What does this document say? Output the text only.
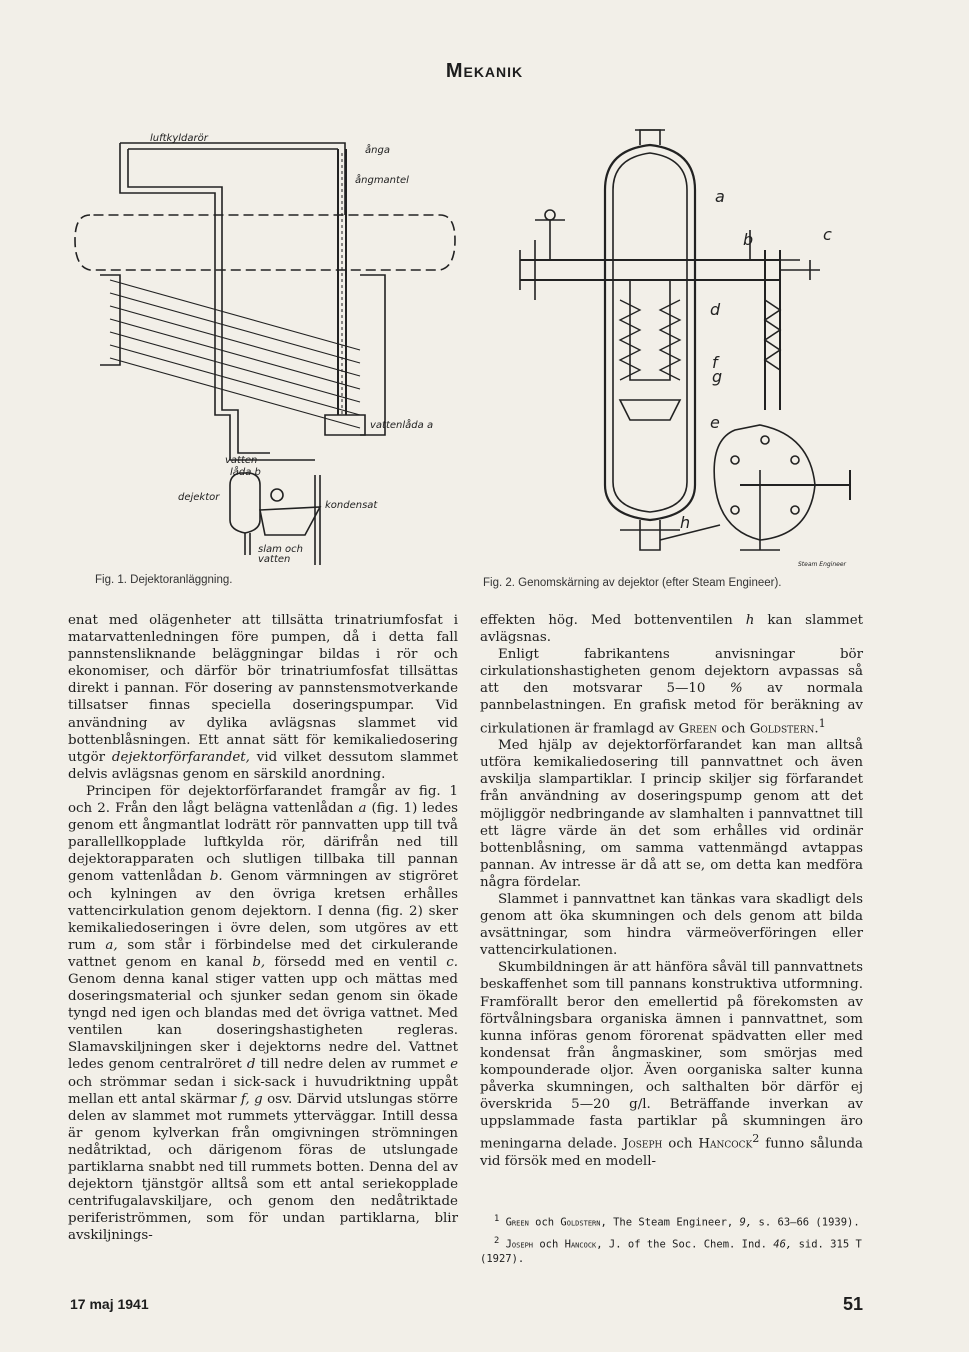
Mekanik
luftkyldarör
ånga
ångmantel
vattenlåda a
vatten-
låda b
dejektor
kondensat
slam och
vatten
Fig. 1. Dejektoranläggning.
a
b	c
d
f
g
e
h
Steam Engineer
Fig. 2. Genomskärning av dejektor (efter Steam Engineer).

enat med olägenheter att tillsätta trinatriumfosfat i matarvattenledningen före pumpen, då i detta fall pannstensliknande beläggningar bildas i rör och ekonomiser, och därför bör trinatriumfosfat tillsättas direkt i pannan. För dosering av pannstensmotverkande tillsatser finnas speciella doseringspumpar. Vid användning av dylika avlägsnas slammet vid bottenblåsningen. Ett annat sätt för kemikaliedosering utgör dejektorförfarandet, vid vilket dessutom slammet delvis avlägsnas genom en särskild anordning.

Principen för dejektorförfarandet framgår av fig. 1 och 2. Från den lågt belägna vattenlådan a (fig. 1) ledes genom ett ångmantlat lodrätt rör pannvatten upp till två parallellkopplade luftkylda rör, därifrån ned till dejektorapparaten och slutligen tillbaka till pannan genom vattenlådan b. Genom värmningen av stigröret och kylningen av den övriga kretsen erhålles vattencirkulation genom dejektorn. I denna (fig. 2) sker kemikaliedoseringen i övre delen, som utgöres av ett rum a, som står i förbindelse med det cirkulerande vattnet genom en kanal b, försedd med en ventil c. Genom denna kanal stiger vatten upp och mättas med doseringsmaterial och sjunker sedan genom sin ökade tyngd ned igen och blandas med det övriga vattnet. Med ventilen kan doseringshastigheten regleras. Slamavskiljningen sker i dejektorns nedre del. Vattnet ledes genom centralröret d till nedre delen av rummet e och strömmar sedan i sick-sack i huvudriktning uppåt mellan ett antal skärmar f, g osv. Därvid utslungas större delen av slammet mot rummets ytterväggar. Intill dessa är genom kylverkan från omgivningen strömningen nedåtriktad, och därigenom föras de utslungade partiklarna snabbt ned till rummets botten. Denna del av dejektorn tjänstgör alltså som ett antal seriekopplade centrifugalavskiljare, och genom den nedåtriktade periferiströmmen, som för undan partiklarna, blir avskiljnings-

effekten hög. Med bottenventilen h kan slammet avlägsnas.

Enligt fabrikantens anvisningar bör cirkulationshastigheten genom dejektorn avpassas så att den motsvarar 5—10 % av normala pannbelastningen. En grafisk metod för beräkning av cirkulationen är framlagd av Green och Goldstern.$^1$

Med hjälp av dejektorförfarandet kan man alltså utföra kemikaliedosering till pannvattnet och även avskilja slampartiklar. I princip skiljer sig förfarandet från användning av doseringspump genom att det möjliggör nedbringande av slamhalten i pannvattnet till ett lägre värde än det som erhålles vid ordinär bottenblåsning, om samma vattenmängd avtappas pannan. Av intresse är då att se, om detta kan medföra några fördelar.

Slammet i pannvattnet kan tänkas vara skadligt dels genom att öka skumningen och dels genom att bilda avsättningar, som hindra värmeöverföringen eller vattencirkulationen.

Skumbildningen är att hänföra såväl till pannvattnets beskaffenhet som till pannans konstruktiva utformning. Framförallt beror den emellertid på förekomsten av förtvålningsbara organiska ämnen i pannvattnet, som kunna införas genom förorenat spädvatten eller med kondensat från ångmaskiner, som smörjas med kompounderade oljor. Även oorganiska salter kunna påverka skumningen, och salthalten bör därför ej överskrida 5—20 g/l. Beträffande inverkan av uppslammade fasta partiklar på skumningen äro meningarna delade. Joseph och Hancock$^2$ funno sålunda vid försök med en modell-

$^1$ Green och Goldstern, The Steam Engineer, 9, s. 63—66 (1939).

$^2$ Joseph och Hancock, J. of the Soc. Chem. Ind. 46, sid. 315 T (1927).

17 maj 1941	51
